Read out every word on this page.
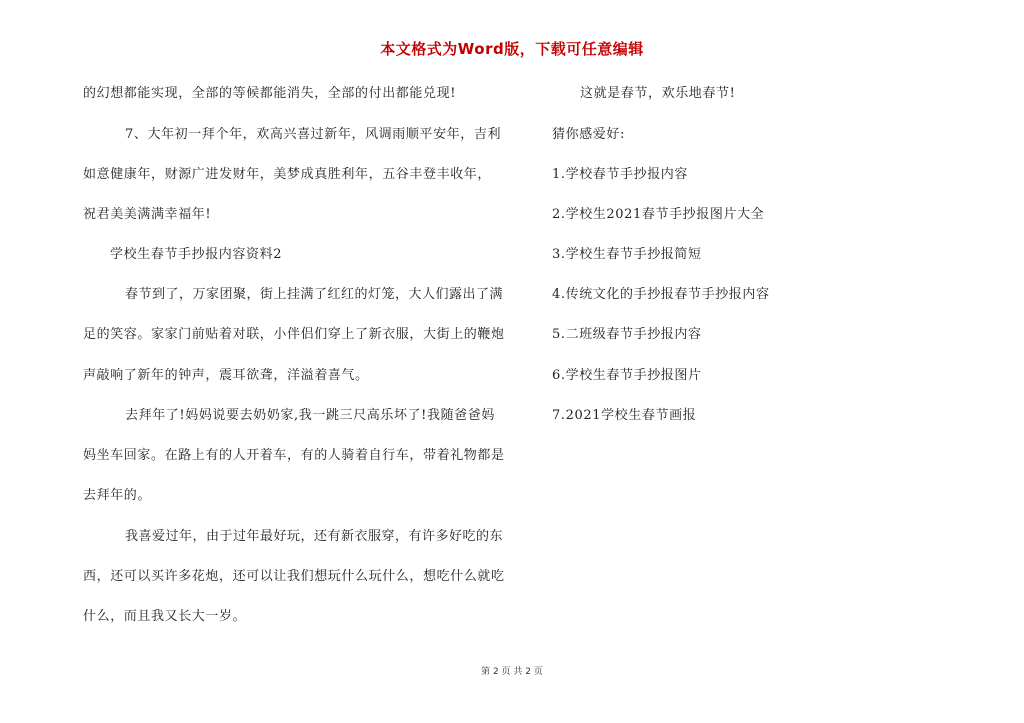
本文格式为Word版，下载可任意编辑
的幻想都能实现，全部的等候都能消失，全部的付出都能兑现!
7、大年初一拜个年，欢高兴喜过新年，风调雨顺平安年，吉利
如意健康年，财源广进发财年，美梦成真胜利年，五谷丰登丰收年，
祝君美美满满幸福年!
学校生春节手抄报内容资料2
春节到了，万家团聚，街上挂满了红红的灯笼，大人们露出了满
足的笑容。家家门前贴着对联，小伴侣们穿上了新衣服，大街上的鞭炮
声敲响了新年的钟声，震耳欲聋，洋溢着喜气。
去拜年了!妈妈说要去奶奶家,我一跳三尺高乐坏了!我随爸爸妈
妈坐车回家。在路上有的人开着车，有的人骑着自行车，带着礼物都是
去拜年的。
我喜爱过年，由于过年最好玩，还有新衣服穿，有许多好吃的东
西，还可以买许多花炮，还可以让我们想玩什么玩什么，想吃什么就吃
什么，而且我又长大一岁。
这就是春节，欢乐地春节!
猜你感爱好:
1.学校春节手抄报内容
2.学校生2021春节手抄报图片大全
3.学校生春节手抄报简短
4.传统文化的手抄报春节手抄报内容
5.二班级春节手抄报内容
6.学校生春节手抄报图片
7.2021学校生春节画报
第 2 页 共 2 页
